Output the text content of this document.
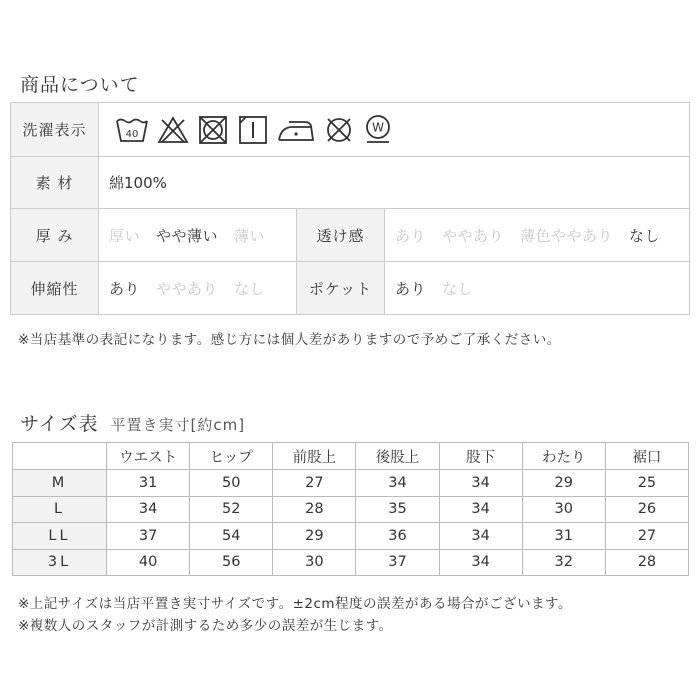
商品について
洗濯表示	40 W		

素 材	綿100%		
厚 み	厚い やや薄い 薄い	透け感	あり ややあり 薄色ややあり なし
伸縮性	あり ややあり なし	ポケット	あり なし
※当店基準の表記になります。感じ方には個人差がありますので予めご了承ください。
サイズ表 平置き実寸[約cm]
	ウエスト	ヒップ	前股上	後股上	股下	わたり	裾口
M	31	50	27	34	34	29	25
L	34	52	28	35	34	30	26
LL	37	54	29	36	34	31	27
3L	40	56	30	37	34	32	28
※上記サイズは当店平置き実寸サイズです。±2cm程度の誤差がある場合がございます。
※複数人のスタッフが計測するため多少の誤差が生じます。
